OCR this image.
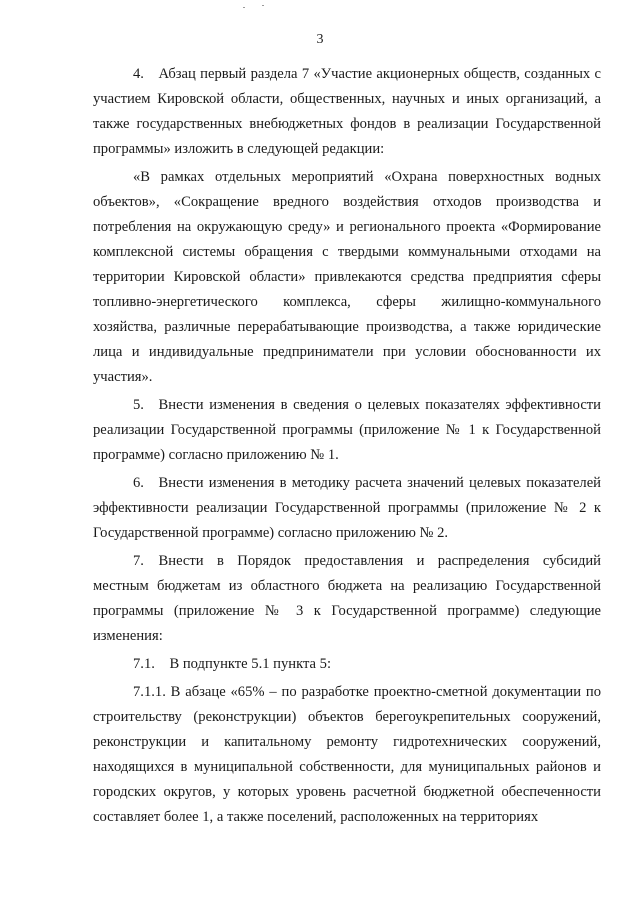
3

4. Абзац первый раздела 7 «Участие акционерных обществ, созданных с участием Кировской области, общественных, научных и иных организаций, а также государственных внебюджетных фондов в реализации Государственной программы» изложить в следующей редакции:

«В рамках отдельных мероприятий «Охрана поверхностных водных объектов», «Сокращение вредного воздействия отходов производства и потребления на окружающую среду» и регионального проекта «Формирование комплексной системы обращения с твердыми коммунальными отходами на территории Кировской области» привлекаются средства предприятия сферы топливно-энергетического комплекса, сферы жилищно-коммунального хозяйства, различные перерабатывающие производства, а также юридические лица и индивидуальные предприниматели при условии обоснованности их участия».

5. Внести изменения в сведения о целевых показателях эффективности реализации Государственной программы (приложение № 1 к Государственной программе) согласно приложению № 1.

6. Внести изменения в методику расчета значений целевых показателей эффективности реализации Государственной программы (приложение № 2 к Государственной программе) согласно приложению № 2.

7. Внести в Порядок предоставления и распределения субсидий местным бюджетам из областного бюджета на реализацию Государственной программы (приложение № 3 к Государственной программе) следующие изменения:

7.1. В подпункте 5.1 пункта 5:

7.1.1. В абзаце «65% – по разработке проектно-сметной документации по строительству (реконструкции) объектов берегоукрепительных сооружений, реконструкции и капитальному ремонту гидротехнических сооружений, находящихся в муниципальной собственности, для муниципальных районов и городских округов, у которых уровень расчетной бюджетной обеспеченности составляет более 1, а также поселений, расположенных на территориях
